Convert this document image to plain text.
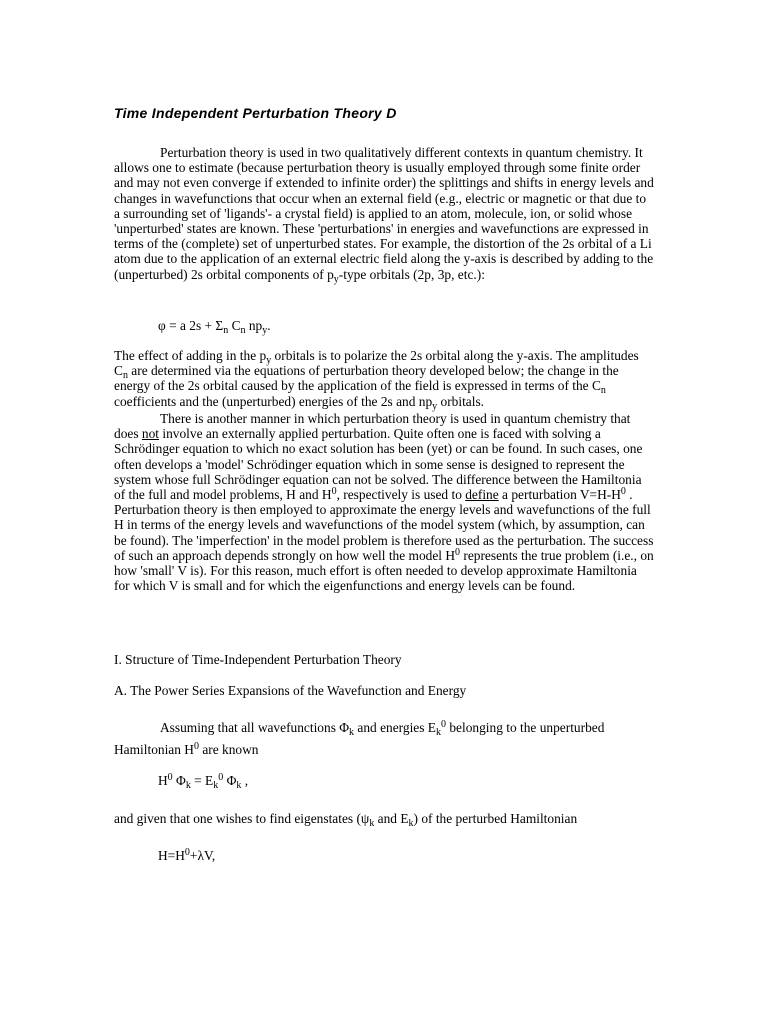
Time Independent Perturbation Theory D
Perturbation theory is used in two qualitatively different contexts in quantum chemistry. It allows one to estimate (because perturbation theory is usually employed through some finite order and may not even converge if extended to infinite order) the splittings and shifts in energy levels and changes in wavefunctions that occur when an external field (e.g., electric or magnetic or that due to a surrounding set of 'ligands'- a crystal field) is applied to an atom, molecule, ion, or solid whose 'unperturbed' states are known. These 'perturbations' in energies and wavefunctions are expressed in terms of the (complete) set of unperturbed states. For example, the distortion of the 2s orbital of a Li atom due to the application of an external electric field along the y-axis is described by adding to the (unperturbed) 2s orbital components of $p_y$-type orbitals (2p, 3p, etc.):
φ = a $2s + \Sigma_n$ $C_n$ $np_y$.
The effect of adding in the $p_y$ orbitals is to polarize the 2s orbital along the y-axis. The amplitudes $C_n$ are determined via the equations of perturbation theory developed below; the change in the energy of the 2s orbital caused by the application of the field is expressed in terms of the $C_n$ coefficients and the (unperturbed) energies of the 2s and $np_y$ orbitals.
There is another manner in which perturbation theory is used in quantum chemistry that does not involve an externally applied perturbation. Quite often one is faced with solving a Schrödinger equation to which no exact solution has been (yet) or can be found. In such cases, one often develops a 'model' Schrödinger equation which in some sense is designed to represent the system whose full Schrödinger equation can not be solved. The difference between the Hamiltonia of the full and model problems, H and $H^0$, respectively is used to define a perturbation $V=H-H^0$ . Perturbation theory is then employed to approximate the energy levels and wavefunctions of the full H in terms of the energy levels and wavefunctions of the model system (which, by assumption, can be found). The 'imperfection' in the model problem is therefore used as the perturbation. The success of such an approach depends strongly on how well the model $H^0$ represents the true problem (i.e., on how 'small' V is). For this reason, much effort is often needed to develop approximate Hamiltonia for which V is small and for which the eigenfunctions and energy levels can be found.
I. Structure of Time-Independent Perturbation Theory
A. The Power Series Expansions of the Wavefunction and Energy
Assuming that all wavefunctions $\Phi_k$ and energies $E_k^0$ belonging to the unperturbed Hamiltonian $H^0$ are known
$H^0$ $\Phi_k = E_k^0$ $\Phi_k$ ,
and given that one wishes to find eigenstates ($\psi_k$ and $E_k$) of the perturbed Hamiltonian
$H=H^0+\lambda V$,
